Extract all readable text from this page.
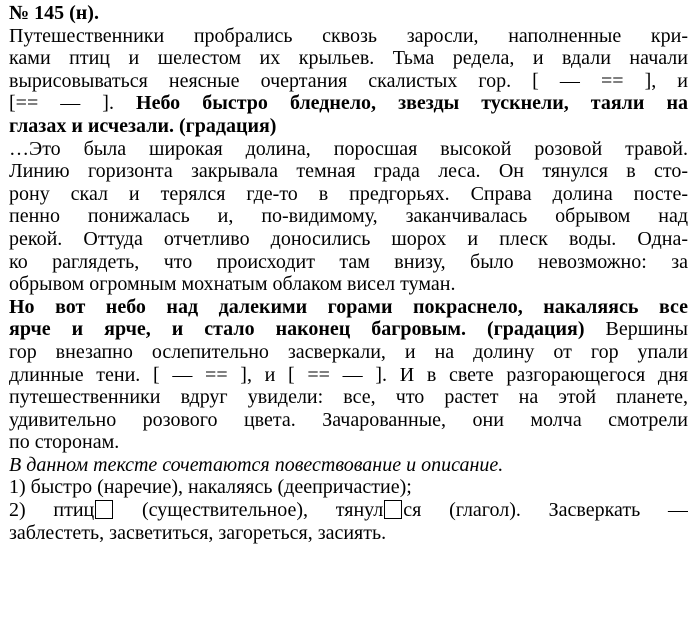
№ 145 (н).
Путешественники пробрались сквозь заросли, наполненные кри-
ками птиц и шелестом их крыльев. Тьма редела, и вдали начали
вырисовываться неясные очертания скалистых гор. [ — == ], и
[== — ]. Небо быстро бледнело, звезды тускнели, таяли на
глазах и исчезали. (градация)
…Это была широкая долина, поросшая высокой розовой травой.
Линию горизонта закрывала темная града леса. Он тянулся в сто-
рону скал и терялся где-то в предгорьях. Справа долина посте-
пенно понижалась и, по-видимому, заканчивалась обрывом над
рекой. Оттуда отчетливо доносились шорох и плеск воды. Одна-
ко раглядеть, что происходит там внизу, было невозможно: за
обрывом огромным мохнатым облаком висел туман.
Но вот небо над далекими горами покраснело, накаляясь все
ярче и ярче, и стало наконец багровым. (градация) Вершины
гор внезапно ослепительно засверкали, и на долину от гор упали
длинные тени. [ — == ], и [ == — ]. И в свете разгорающегося дня
путешественники вдруг увидели: все, что растет на этой планете,
удивительно розового цвета. Зачарованные, они молча смотрели
по сторонам.
В данном тексте сочетаются повествование и описание.
1) быстро (наречие), накаляясь (деепричастие);
2) птиц (существительное), тянул ся (глагол). Засверкать —
заблестеть, засветиться, загореться, засиять.
